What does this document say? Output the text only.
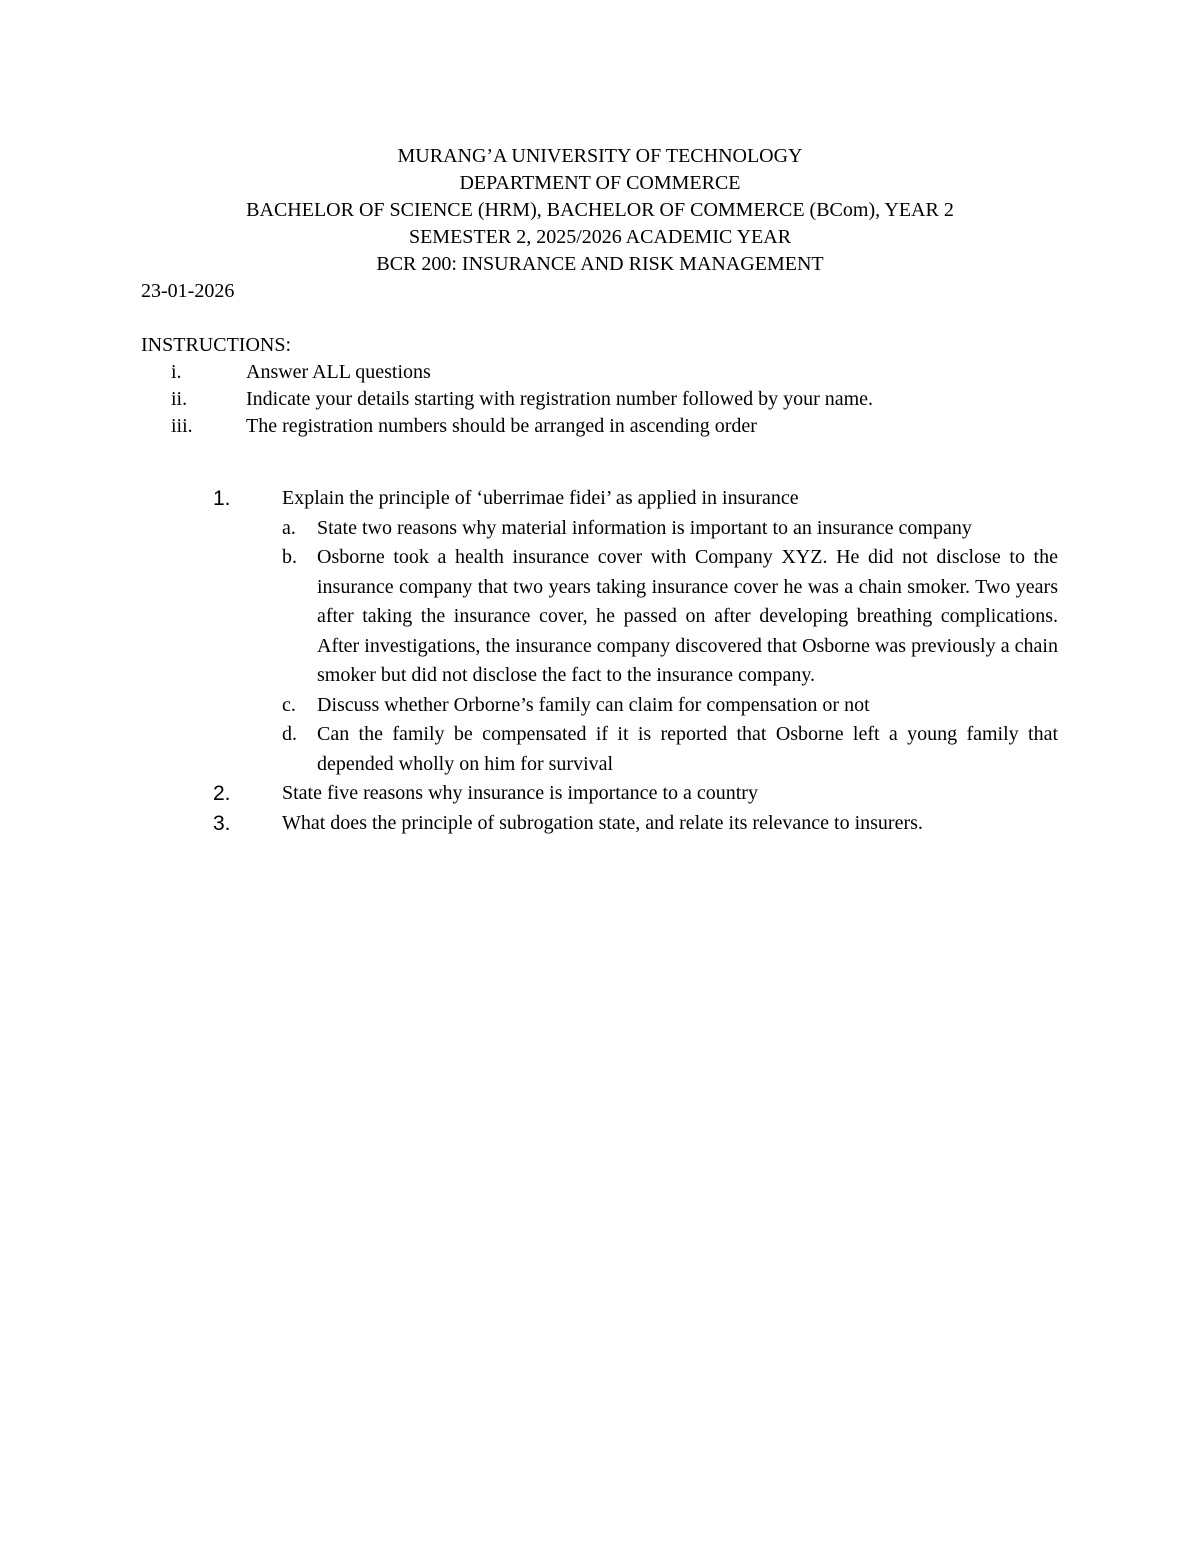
MURANG’A UNIVERSITY OF TECHNOLOGY
DEPARTMENT OF COMMERCE
BACHELOR OF SCIENCE (HRM), BACHELOR OF COMMERCE (BCom), YEAR 2
SEMESTER 2, 2025/2026 ACADEMIC YEAR
BCR 200: INSURANCE AND RISK MANAGEMENT
23-01-2026
INSTRUCTIONS:
i.	Answer ALL questions
ii.	Indicate your details starting with registration number followed by your name.
iii.	The registration numbers should be arranged in ascending order
1.	Explain the principle of ‘uberrimae fidei’ as applied in insurance
a. State two reasons why material information is important to an insurance company
b. Osborne took a health insurance cover with Company XYZ. He did not disclose to the insurance company that two years taking insurance cover he was a chain smoker. Two years after taking the insurance cover, he passed on after developing breathing complications. After investigations, the insurance company discovered that Osborne was previously a chain smoker but did not disclose the fact to the insurance company.
c. Discuss whether Orborne’s family can claim for compensation or not
d. Can the family be compensated if it is reported that Osborne left a young family that depended wholly on him for survival
2.	State five reasons why insurance is importance to a country
3.	What does the principle of subrogation state, and relate its relevance to insurers.
